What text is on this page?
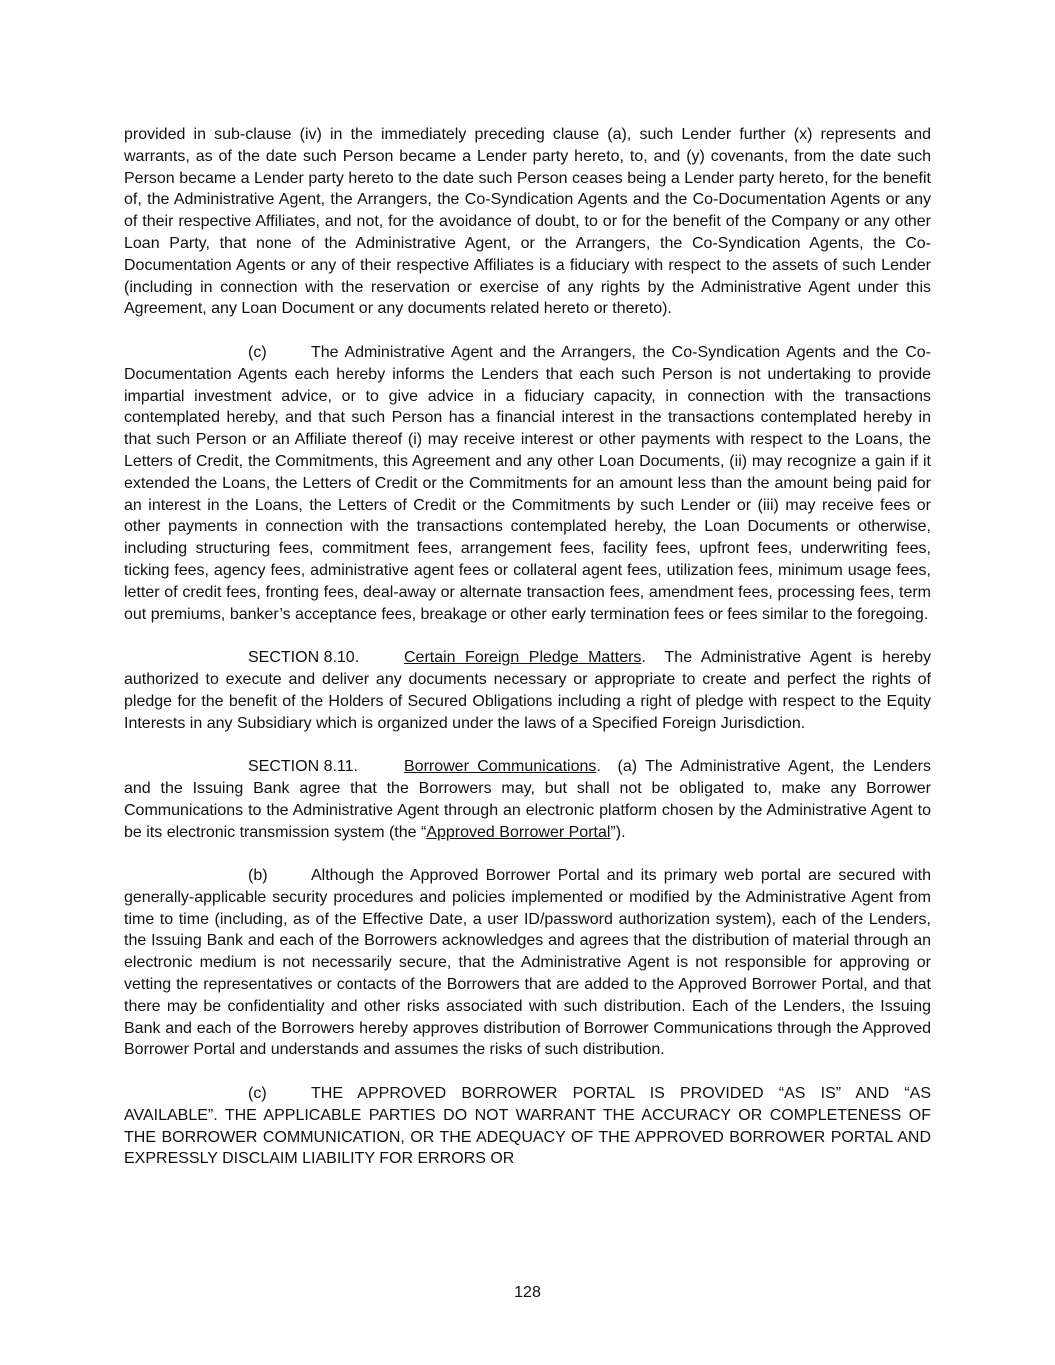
provided in sub-clause (iv) in the immediately preceding clause (a), such Lender further (x) represents and warrants, as of the date such Person became a Lender party hereto, to, and (y) covenants, from the date such Person became a Lender party hereto to the date such Person ceases being a Lender party hereto, for the benefit of, the Administrative Agent, the Arrangers, the Co-Syndication Agents and the Co-Documentation Agents or any of their respective Affiliates, and not, for the avoidance of doubt, to or for the benefit of the Company or any other Loan Party, that none of the Administrative Agent, or the Arrangers, the Co-Syndication Agents, the Co-Documentation Agents or any of their respective Affiliates is a fiduciary with respect to the assets of such Lender (including in connection with the reservation or exercise of any rights by the Administrative Agent under this Agreement, any Loan Document or any documents related hereto or thereto).

(c)	The Administrative Agent and the Arrangers, the Co-Syndication Agents and the Co-Documentation Agents each hereby informs the Lenders that each such Person is not undertaking to provide impartial investment advice, or to give advice in a fiduciary capacity, in connection with the transactions contemplated hereby, and that such Person has a financial interest in the transactions contemplated hereby in that such Person or an Affiliate thereof (i) may receive interest or other payments with respect to the Loans, the Letters of Credit, the Commitments, this Agreement and any other Loan Documents, (ii) may recognize a gain if it extended the Loans, the Letters of Credit or the Commitments for an amount less than the amount being paid for an interest in the Loans, the Letters of Credit or the Commitments by such Lender or (iii) may receive fees or other payments in connection with the transactions contemplated hereby, the Loan Documents or otherwise, including structuring fees, commitment fees, arrangement fees, facility fees, upfront fees, underwriting fees, ticking fees, agency fees, administrative agent fees or collateral agent fees, utilization fees, minimum usage fees, letter of credit fees, fronting fees, deal-away or alternate transaction fees, amendment fees, processing fees, term out premiums, banker’s acceptance fees, breakage or other early termination fees or fees similar to the foregoing.

SECTION 8.10.	Certain Foreign Pledge Matters.  The Administrative Agent is hereby authorized to execute and deliver any documents necessary or appropriate to create and perfect the rights of pledge for the benefit of the Holders of Secured Obligations including a right of pledge with respect to the Equity Interests in any Subsidiary which is organized under the laws of a Specified Foreign Jurisdiction.

SECTION 8.11.	Borrower Communications.  (a) The Administrative Agent, the Lenders and the Issuing Bank agree that the Borrowers may, but shall not be obligated to, make any Borrower Communications to the Administrative Agent through an electronic platform chosen by the Administrative Agent to be its electronic transmission system (the “Approved Borrower Portal”).

(b)	Although the Approved Borrower Portal and its primary web portal are secured with generally-applicable security procedures and policies implemented or modified by the Administrative Agent from time to time (including, as of the Effective Date, a user ID/password authorization system), each of the Lenders, the Issuing Bank and each of the Borrowers acknowledges and agrees that the distribution of material through an electronic medium is not necessarily secure, that the Administrative Agent is not responsible for approving or vetting the representatives or contacts of the Borrowers that are added to the Approved Borrower Portal, and that there may be confidentiality and other risks associated with such distribution. Each of the Lenders, the Issuing Bank and each of the Borrowers hereby approves distribution of Borrower Communications through the Approved Borrower Portal and understands and assumes the risks of such distribution.

(c)	THE APPROVED BORROWER PORTAL IS PROVIDED “AS IS” AND “AS AVAILABLE”. THE APPLICABLE PARTIES DO NOT WARRANT THE ACCURACY OR COMPLETENESS OF THE BORROWER COMMUNICATION, OR THE ADEQUACY OF THE APPROVED BORROWER PORTAL AND EXPRESSLY DISCLAIM LIABILITY FOR ERRORS OR

128
